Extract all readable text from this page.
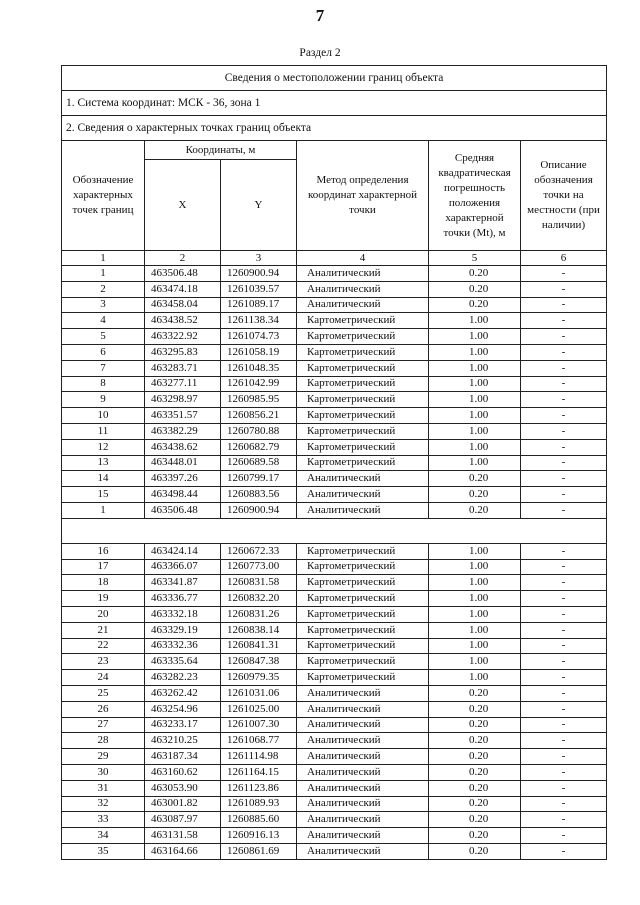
7
Раздел 2
Сведения о местоположении границ объекта					
1. Система координат: МСК - 36, зона 1					
2. Сведения о характерных точках границ объекта					
Обозначение характерных точек границ	Координаты, м		Метод определения координат характерной точки	Средняя квадратическая погрешность положения характерной точки (Mt), м	Описание обозначения точки на местности (при наличии)
	X	Y			
1	2	3	4	5	6
1	463506.48	1260900.94	Аналитический	0.20	-
2	463474.18	1261039.57	Аналитический	0.20	-
3	463458.04	1261089.17	Аналитический	0.20	-
4	463438.52	1261138.34	Картометрический	1.00	-
5	463322.92	1261074.73	Картометрический	1.00	-
6	463295.83	1261058.19	Картометрический	1.00	-
7	463283.71	1261048.35	Картометрический	1.00	-
8	463277.11	1261042.99	Картометрический	1.00	-
9	463298.97	1260985.95	Картометрический	1.00	-
10	463351.57	1260856.21	Картометрический	1.00	-
11	463382.29	1260780.88	Картометрический	1.00	-
12	463438.62	1260682.79	Картометрический	1.00	-
13	463448.01	1260689.58	Картометрический	1.00	-
14	463397.26	1260799.17	Аналитический	0.20	-
15	463498.44	1260883.56	Аналитический	0.20	-
1	463506.48	1260900.94	Аналитический	0.20	-

16	463424.14	1260672.33	Картометрический	1.00	-
17	463366.07	1260773.00	Картометрический	1.00	-
18	463341.87	1260831.58	Картометрический	1.00	-
19	463336.77	1260832.20	Картометрический	1.00	-
20	463332.18	1260831.26	Картометрический	1.00	-
21	463329.19	1260838.14	Картометрический	1.00	-
22	463332.36	1260841.31	Картометрический	1.00	-
23	463335.64	1260847.38	Картометрический	1.00	-
24	463282.23	1260979.35	Картометрический	1.00	-
25	463262.42	1261031.06	Аналитический	0.20	-
26	463254.96	1261025.00	Аналитический	0.20	-
27	463233.17	1261007.30	Аналитический	0.20	-
28	463210.25	1261068.77	Аналитический	0.20	-
29	463187.34	1261114.98	Аналитический	0.20	-
30	463160.62	1261164.15	Аналитический	0.20	-
31	463053.90	1261123.86	Аналитический	0.20	-
32	463001.82	1261089.93	Аналитический	0.20	-
33	463087.97	1260885.60	Аналитический	0.20	-
34	463131.58	1260916.13	Аналитический	0.20	-
35	463164.66	1260861.69	Аналитический	0.20	-
